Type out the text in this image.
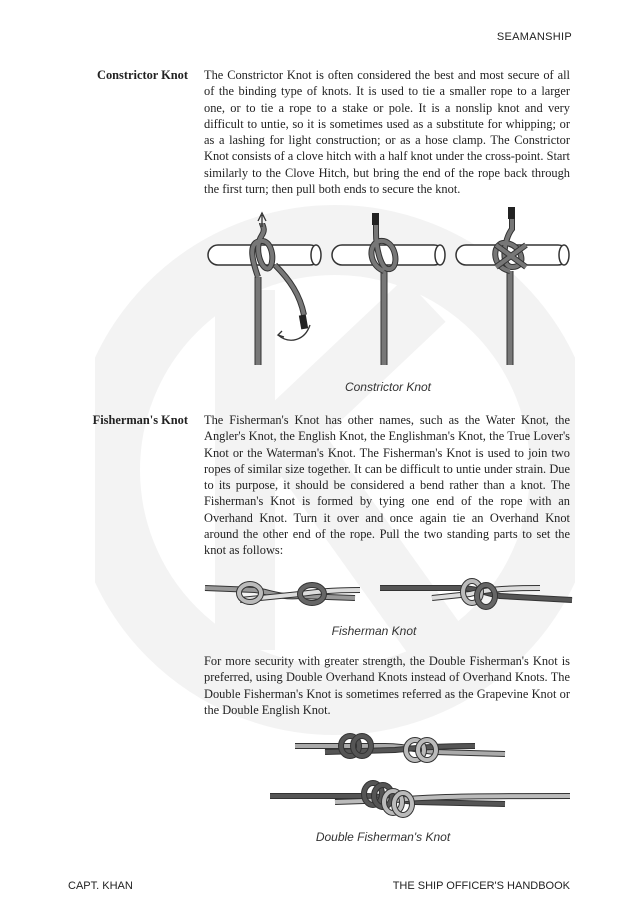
SEAMANSHIP
Constrictor Knot The Constrictor Knot is often considered the best and most secure of all of the binding type of knots. It is used to tie a smaller rope to a larger one, or to tie a rope to a stake or pole. It is a nonslip knot and very difficult to untie, so it is sometimes used as a substitute for whipping; or as a lashing for light construction; or as a hose clamp. The Constrictor Knot consists of a clove hitch with a half knot under the cross-point. Start similarly to the Clove Hitch, but bring the end of the rope back through the first turn; then pull both ends to secure the knot.
Constrictor Knot
Fisherman's Knot The Fisherman's Knot has other names, such as the Water Knot, the Angler's Knot, the English Knot, the Englishman's Knot, the True Lover's Knot or the Waterman's Knot. The Fisherman's Knot is used to join two ropes of similar size together. It can be difficult to untie under strain. Due to its purpose, it should be considered a bend rather than a knot. The Fisherman's Knot is formed by tying one end of the rope with an Overhand Knot. Turn it over and once again tie an Overhand Knot around the other end of the rope. Pull the two standing parts to set the knot as follows:
Fisherman Knot
For more security with greater strength, the Double Fisherman's Knot is preferred, using Double Overhand Knots instead of Overhand Knots. The Double Fisherman's Knot is sometimes referred as the Grapevine Knot or the Double English Knot.
Double Fisherman's Knot
CAPT. KHAN	THE SHIP OFFICER'S HANDBOOK
